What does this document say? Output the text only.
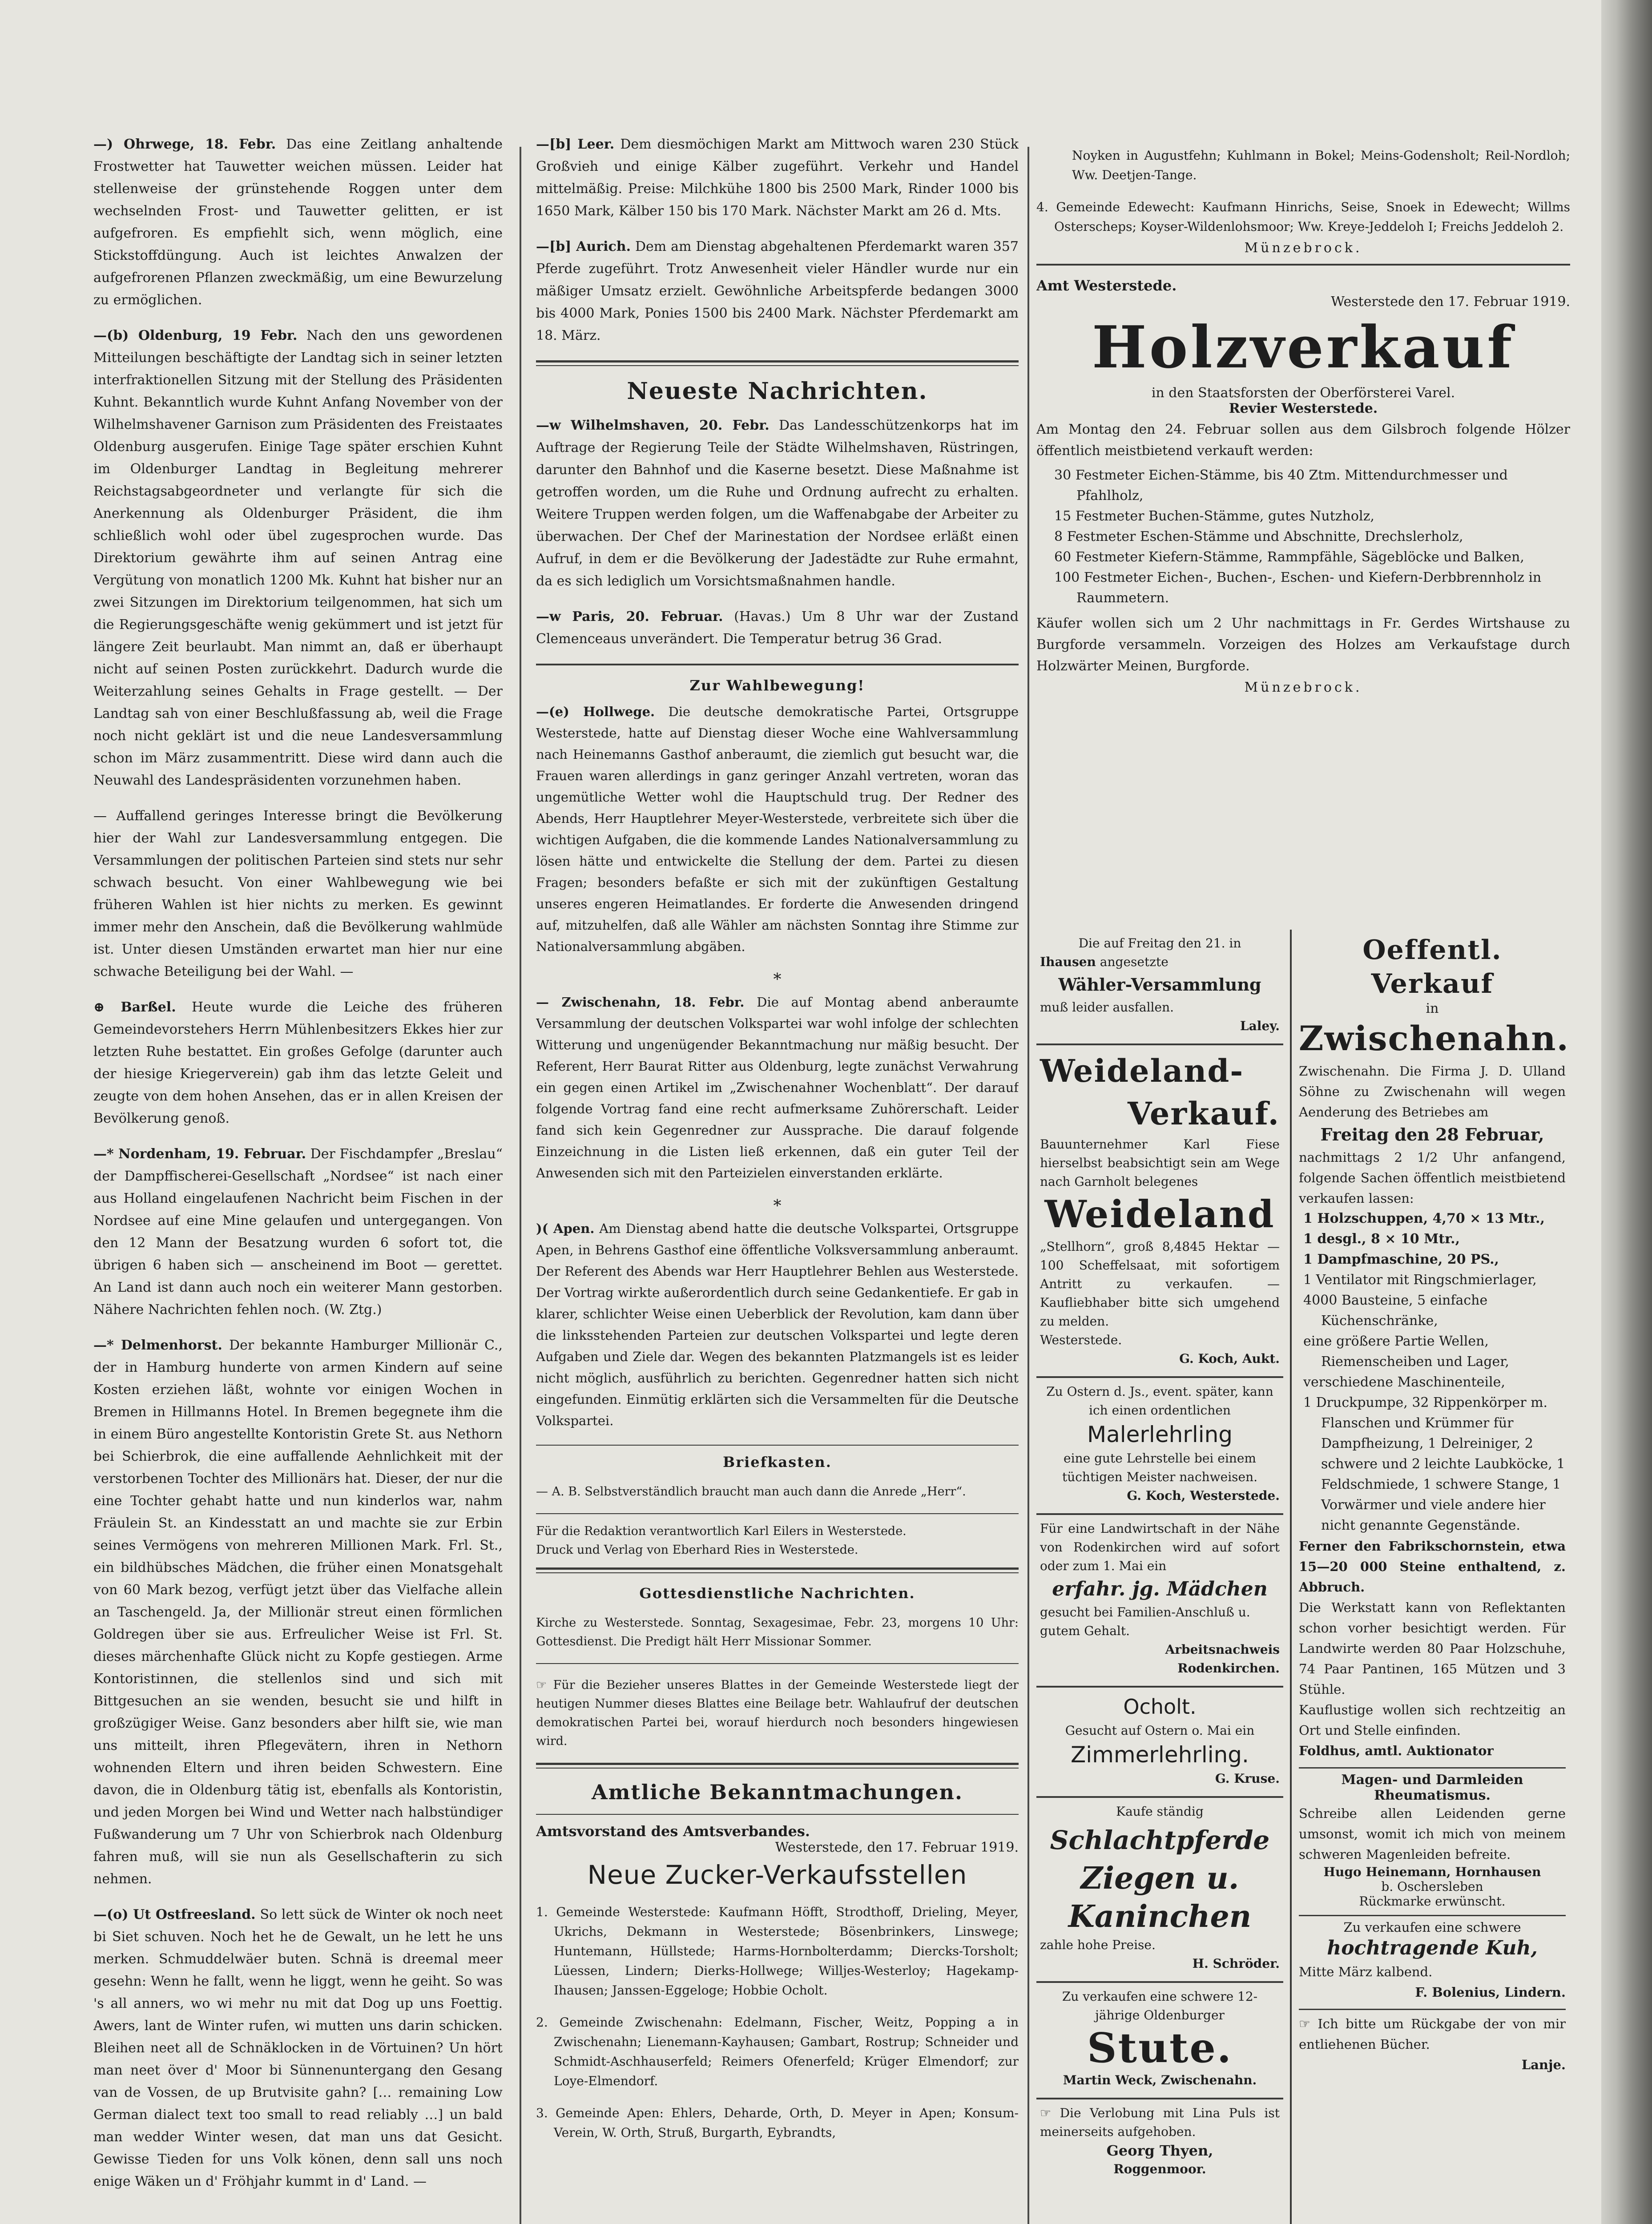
—) Ohrwege, 18. Febr. Das eine Zeitlang anhaltende Frostwetter hat Tauwetter weichen müssen. Leider hat stellenweise der grünstehende Roggen unter dem wechselnden Frost- und Tauwetter gelitten, er ist aufgefroren. Es empfiehlt sich, wenn möglich, eine Stickstoffdüngung. Auch ist leichtes Anwalzen der aufgefrorenen Pflanzen zweckmäßig, um eine Bewurzelung zu ermöglichen.

—(b) Oldenburg, 19 Febr. Nach den uns gewordenen Mitteilungen beschäftigte der Landtag sich in seiner letzten interfraktionellen Sitzung mit der Stellung des Präsidenten Kuhnt. Bekanntlich wurde Kuhnt Anfang November von der Wilhelmshavener Garnison zum Präsidenten des Freistaates Oldenburg ausgerufen. Einige Tage später erschien Kuhnt im Oldenburger Landtag in Begleitung mehrerer Reichstagsabgeordneter und verlangte für sich die Anerkennung als Oldenburger Präsident, die ihm schließlich wohl oder übel zugesprochen wurde. Das Direktorium gewährte ihm auf seinen Antrag eine Vergütung von monatlich 1200 Mk. Kuhnt hat bisher nur an zwei Sitzungen im Direktorium teilgenommen, hat sich um die Regierungsgeschäfte wenig gekümmert und ist jetzt für längere Zeit beurlaubt. Man nimmt an, daß er überhaupt nicht auf seinen Posten zurückkehrt. Dadurch wurde die Weiterzahlung seines Gehalts in Frage gestellt. — Der Landtag sah von einer Beschlußfassung ab, weil die Frage noch nicht geklärt ist und die neue Landesversammlung schon im März zusammentritt. Diese wird dann auch die Neuwahl des Landespräsidenten vorzunehmen haben.

— Auffallend geringes Interesse bringt die Bevölkerung hier der Wahl zur Landesversammlung entgegen. Die Versammlungen der politischen Parteien sind stets nur sehr schwach besucht. Von einer Wahlbewegung wie bei früheren Wahlen ist hier nichts zu merken. Es gewinnt immer mehr den Anschein, daß die Bevölkerung wahlmüde ist. Unter diesen Umständen erwartet man hier nur eine schwache Beteiligung bei der Wahl. —

⊕ Barßel. Heute wurde die Leiche des früheren Gemeindevorstehers Herrn Mühlenbesitzers Ekkes hier zur letzten Ruhe bestattet. Ein großes Gefolge (darunter auch der hiesige Kriegerverein) gab ihm das letzte Geleit und zeugte von dem hohen Ansehen, das er in allen Kreisen der Bevölkerung genoß.

—* Nordenham, 19. Februar. Der Fischdampfer „Breslau“ der Dampffischerei-Gesellschaft „Nordsee“ ist nach einer aus Holland eingelaufenen Nachricht beim Fischen in der Nordsee auf eine Mine gelaufen und untergegangen. Von den 12 Mann der Besatzung wurden 6 sofort tot, die übrigen 6 haben sich — anscheinend im Boot — gerettet. An Land ist dann auch noch ein weiterer Mann gestorben. Nähere Nachrichten fehlen noch. (W. Ztg.)

—* Delmenhorst. Der bekannte Hamburger Millionär C., der in Hamburg hunderte von armen Kindern auf seine Kosten erziehen läßt, wohnte vor einigen Wochen in Bremen in Hillmanns Hotel. In Bremen begegnete ihm die in einem Büro angestellte Kontoristin Grete St. aus Nethorn bei Schierbrok, die eine auffallende Aehnlichkeit mit der verstorbenen Tochter des Millionärs hat. Dieser, der nur die eine Tochter gehabt hatte und nun kinderlos war, nahm Fräulein St. an Kindesstatt an und machte sie zur Erbin seines Vermögens von mehreren Millionen Mark. Frl. St., ein bildhübsches Mädchen, die früher einen Monatsgehalt von 60 Mark bezog, verfügt jetzt über das Vielfache allein an Taschengeld. Ja, der Millionär streut einen förmlichen Goldregen über sie aus. Erfreulicher Weise ist Frl. St. dieses märchenhafte Glück nicht zu Kopfe gestiegen. Arme Kontoristinnen, die stellenlos sind und sich mit Bittgesuchen an sie wenden, besucht sie und hilft in großzügiger Weise. Ganz besonders aber hilft sie, wie man uns mitteilt, ihren Pflegevätern, ihren in Nethorn wohnenden Eltern und ihren beiden Schwestern. Eine davon, die in Oldenburg tätig ist, ebenfalls als Kontoristin, und jeden Morgen bei Wind und Wetter nach halbstündiger Fußwanderung um 7 Uhr von Schierbrok nach Oldenburg fahren muß, will sie nun als Gesellschafterin zu sich nehmen.

—(o) Ut Ostfreesland. So lett sück de Winter ok noch neet bi Siet schuven. Noch het he de Gewalt, un he lett he uns merken. Schmuddelwäer buten. Schnä is dreemal meer gesehn: Wenn he fallt, wenn he liggt, wenn he geiht. So was 's all anners, wo wi mehr nu mit dat Dog up uns Foettig. Awers, lant de Winter rufen, wi mutten uns darin schicken. Bleihen neet all de Schnäklocken in de Vörtuinen? Un hört man neet över d' Moor bi Sünnenuntergang den Gesang van de Vossen, de up Brutvisite gahn? [… remaining Low German dialect text too small to read reliably …] un bald man wedder Winter wesen, dat man uns dat Gesicht. Gewisse Tieden for uns Volk könen, denn sall uns noch enige Wäken un d' Fröhjahr kummt in d' Land. —

—[b] Leer. Dem diesmöchigen Markt am Mittwoch waren 230 Stück Großvieh und einige Kälber zugeführt. Verkehr und Handel mittelmäßig. Preise: Milchkühe 1800 bis 2500 Mark, Rinder 1000 bis 1650 Mark, Kälber 150 bis 170 Mark. Nächster Markt am 26 d. Mts.

—[b] Aurich. Dem am Dienstag abgehaltenen Pferdemarkt waren 357 Pferde zugeführt. Trotz Anwesenheit vieler Händler wurde nur ein mäßiger Umsatz erzielt. Gewöhnliche Arbeitspferde bedangen 3000 bis 4000 Mark, Ponies 1500 bis 2400 Mark. Nächster Pferdemarkt am 18. März.

Neueste Nachrichten.

—w Wilhelmshaven, 20. Febr. Das Landesschützenkorps hat im Auftrage der Regierung Teile der Städte Wilhelmshaven, Rüstringen, darunter den Bahnhof und die Kaserne besetzt. Diese Maßnahme ist getroffen worden, um die Ruhe und Ordnung aufrecht zu erhalten. Weitere Truppen werden folgen, um die Waffenabgabe der Arbeiter zu überwachen. Der Chef der Marinestation der Nordsee erläßt einen Aufruf, in dem er die Bevölkerung der Jadestädte zur Ruhe ermahnt, da es sich lediglich um Vorsichtsmaßnahmen handle.

—w Paris, 20. Februar. (Havas.) Um 8 Uhr war der Zustand Clemenceaus unverändert. Die Temperatur betrug 36 Grad.

Zur Wahlbewegung!

—(e) Hollwege. Die deutsche demokratische Partei, Ortsgruppe Westerstede, hatte auf Dienstag dieser Woche eine Wahlversammlung nach Heinemanns Gasthof anberaumt, die ziemlich gut besucht war, die Frauen waren allerdings in ganz geringer Anzahl vertreten, woran das ungemütliche Wetter wohl die Hauptschuld trug. Der Redner des Abends, Herr Hauptlehrer Meyer-Westerstede, verbreitete sich über die wichtigen Aufgaben, die die kommende Landes Nationalversammlung zu lösen hätte und entwickelte die Stellung der dem. Partei zu diesen Fragen; besonders befaßte er sich mit der zukünftigen Gestaltung unseres engeren Heimatlandes. Er forderte die Anwesenden dringend auf, mitzuhelfen, daß alle Wähler am nächsten Sonntag ihre Stimme zur Nationalversammlung abgäben.

*

— Zwischenahn, 18. Febr. Die auf Montag abend anberaumte Versammlung der deutschen Volkspartei war wohl infolge der schlechten Witterung und ungenügender Bekanntmachung nur mäßig besucht. Der Referent, Herr Baurat Ritter aus Oldenburg, legte zunächst Verwahrung ein gegen einen Artikel im „Zwischenahner Wochenblatt“. Der darauf folgende Vortrag fand eine recht aufmerksame Zuhörerschaft. Leider fand sich kein Gegenredner zur Aussprache. Die darauf folgende Einzeichnung in die Listen ließ erkennen, daß ein guter Teil der Anwesenden sich mit den Parteizielen einverstanden erklärte.

*

)( Apen. Am Dienstag abend hatte die deutsche Volkspartei, Ortsgruppe Apen, in Behrens Gasthof eine öffentliche Volksversammlung anberaumt. Der Referent des Abends war Herr Hauptlehrer Behlen aus Westerstede. Der Vortrag wirkte außerordentlich durch seine Gedankentiefe. Er gab in klarer, schlichter Weise einen Ueberblick der Revolution, kam dann über die linksstehenden Parteien zur deutschen Volkspartei und legte deren Aufgaben und Ziele dar. Wegen des bekannten Platzmangels ist es leider nicht möglich, ausführlich zu berichten. Gegenredner hatten sich nicht eingefunden. Einmütig erklärten sich die Versammelten für die Deutsche Volkspartei.

Briefkasten.

— A. B. Selbstverständlich braucht man auch dann die Anrede „Herr“.

Für die Redaktion verantwortlich Karl Eilers in Westerstede.

Druck und Verlag von Eberhard Ries in Westerstede.

Gottesdienstliche Nachrichten.

Kirche zu Westerstede. Sonntag, Sexagesimae, Febr. 23, morgens 10 Uhr: Gottesdienst. Die Predigt hält Herr Missionar Sommer.

☞ Für die Bezieher unseres Blattes in der Gemeinde Westerstede liegt der heutigen Nummer dieses Blattes eine Beilage betr. Wahlaufruf der deutschen demokratischen Partei bei, worauf hierdurch noch besonders hingewiesen wird.

Amtliche Bekanntmachungen.
Amtsvorstand des Amtsverbandes.
Westerstede, den 17. Februar 1919.
Neue Zucker-Verkaufsstellen

1. Gemeinde Westerstede: Kaufmann Höfft, Strodthoff, Drieling, Meyer, Ukrichs, Dekmann in Westerstede; Bösenbrinkers, Linswege; Huntemann, Hüllstede; Harms-Hornbolterdamm; Diercks-Torsholt; Lüessen, Lindern; Dierks-Hollwege; Willjes-Westerloy; Hagekamp-Ihausen; Janssen-Eggeloge; Hobbie Ocholt.

2. Gemeinde Zwischenahn: Edelmann, Fischer, Weitz, Popping a in Zwischenahn; Lienemann-Kayhausen; Gambart, Rostrup; Schneider und Schmidt-Aschhauserfeld; Reimers Ofenerfeld; Krüger Elmendorf; zur Loye-Elmendorf.

3. Gemeinde Apen: Ehlers, Deharde, Orth, D. Meyer in Apen; Konsum-Verein, W. Orth, Struß, Burgarth, Eybrandts,

Noyken in Augustfehn; Kuhlmann in Bokel; Meins-Godensholt; Reil-Nordloh; Ww. Deetjen-Tange.

4. Gemeinde Edewecht: Kaufmann Hinrichs, Seise, Snoek in Edewecht; Willms Osterscheps; Koyser-Wildenlohsmoor; Ww. Kreye-Jeddeloh I; Freichs Jeddeloh 2.

Münzebrock.
Amt Westerstede.
Westerstede den 17. Februar 1919.
Holzverkauf
in den Staatsforsten der Oberförsterei Varel.
Revier Westerstede.

Am Montag den 24. Februar sollen aus dem Gilsbroch folgende Hölzer öffentlich meistbietend verkauft werden:

30 Festmeter Eichen-Stämme, bis 40 Ztm. Mittendurchmesser und Pfahlholz,
15 Festmeter Buchen-Stämme, gutes Nutzholz,
8 Festmeter Eschen-Stämme und Abschnitte, Drechslerholz,
60 Festmeter Kiefern-Stämme, Rammpfähle, Sägeblöcke und Balken,
100 Festmeter Eichen-, Buchen-, Eschen- und Kiefern-Derbbrennholz in Raummetern.

Käufer wollen sich um 2 Uhr nachmittags in Fr. Gerdes Wirtshause zu Burgforde versammeln. Vorzeigen des Holzes am Verkaufstage durch Holzwärter Meinen, Burgforde.

Münzebrock.
Die auf Freitag den 21. in
Ihausen angesetzte
Wähler-Versammlung
muß leider ausfallen.
Laley.
Weideland-
Verkauf.
Bauunternehmer Karl Fiese hierselbst beabsichtigt sein am Wege nach Garnholt belegenes
Weideland
„Stellhorn“, groß 8,4845 Hektar — 100 Scheffelsaat, mit sofortigem Antritt zu verkaufen. — Kaufliebhaber bitte sich umgehend zu melden.
Westerstede.
G. Koch, Aukt.
Zu Ostern d. Js., event. später, kann ich einen ordentlichen
Malerlehrling
eine gute Lehrstelle bei einem tüchtigen Meister nachweisen.
G. Koch, Westerstede.
Für eine Landwirtschaft in der Nähe von Rodenkirchen wird auf sofort oder zum 1. Mai ein
erfahr. jg. Mädchen
gesucht bei Familien-Anschluß u. gutem Gehalt.
Arbeitsnachweis
Rodenkirchen.
Ocholt.
Gesucht auf Ostern o. Mai ein
Zimmerlehrling.
G. Kruse.
Kaufe ständig
Schlachtpferde
Ziegen u.
Kaninchen
zahle hohe Preise.
H. Schröder.
Zu verkaufen eine schwere 12-jährige Oldenburger
Stute.
Martin Weck, Zwischenahn.
☞ Die Verlobung mit Lina Puls ist meinerseits aufgehoben.
Georg Thyen,
Roggenmoor.
Oeffentl. Verkauf
in
Zwischenahn.
Zwischenahn. Die Firma J. D. Ulland Söhne zu Zwischenahn will wegen Aenderung des Betriebes am
Freitag den 28 Februar,
nachmittags 2 1/2 Uhr anfangend, folgende Sachen öffentlich meistbietend verkaufen lassen:
1 Holzschuppen, 4,70 × 13 Mtr.,
1 desgl., 8 × 10 Mtr.,
1 Dampfmaschine, 20 PS.,
1 Ventilator mit Ringschmierlager,
4000 Bausteine, 5 einfache Küchenschränke,
eine größere Partie Wellen, Riemenscheiben und Lager,
verschiedene Maschinenteile,
1 Druckpumpe, 32 Rippenkörper m. Flanschen und Krümmer für Dampfheizung, 1 Delreiniger, 2 schwere und 2 leichte Laubköcke, 1 Feldschmiede, 1 schwere Stange, 1 Vorwärmer und viele andere hier nicht genannte Gegenstände.
Ferner den Fabrikschornstein, etwa 15—20 000 Steine enthaltend, z. Abbruch.
Die Werkstatt kann von Reflektanten schon vorher besichtigt werden. Für Landwirte werden 80 Paar Holzschuhe, 74 Paar Pantinen, 165 Mützen und 3 Stühle.
Kauflustige wollen sich rechtzeitig an Ort und Stelle einfinden.
Foldhus, amtl. Auktionator
Magen- und Darmleiden Rheumatismus.
Schreibe allen Leidenden gerne umsonst, womit ich mich von meinem schweren Magenleiden befreite.
Hugo Heinemann, Hornhausen
b. Oschersleben
Rückmarke erwünscht.
Zu verkaufen eine schwere
hochtragende Kuh,
Mitte März kalbend.
F. Bolenius, Lindern.
☞ Ich bitte um Rückgabe der von mir entliehenen Bücher.
Lanje.
